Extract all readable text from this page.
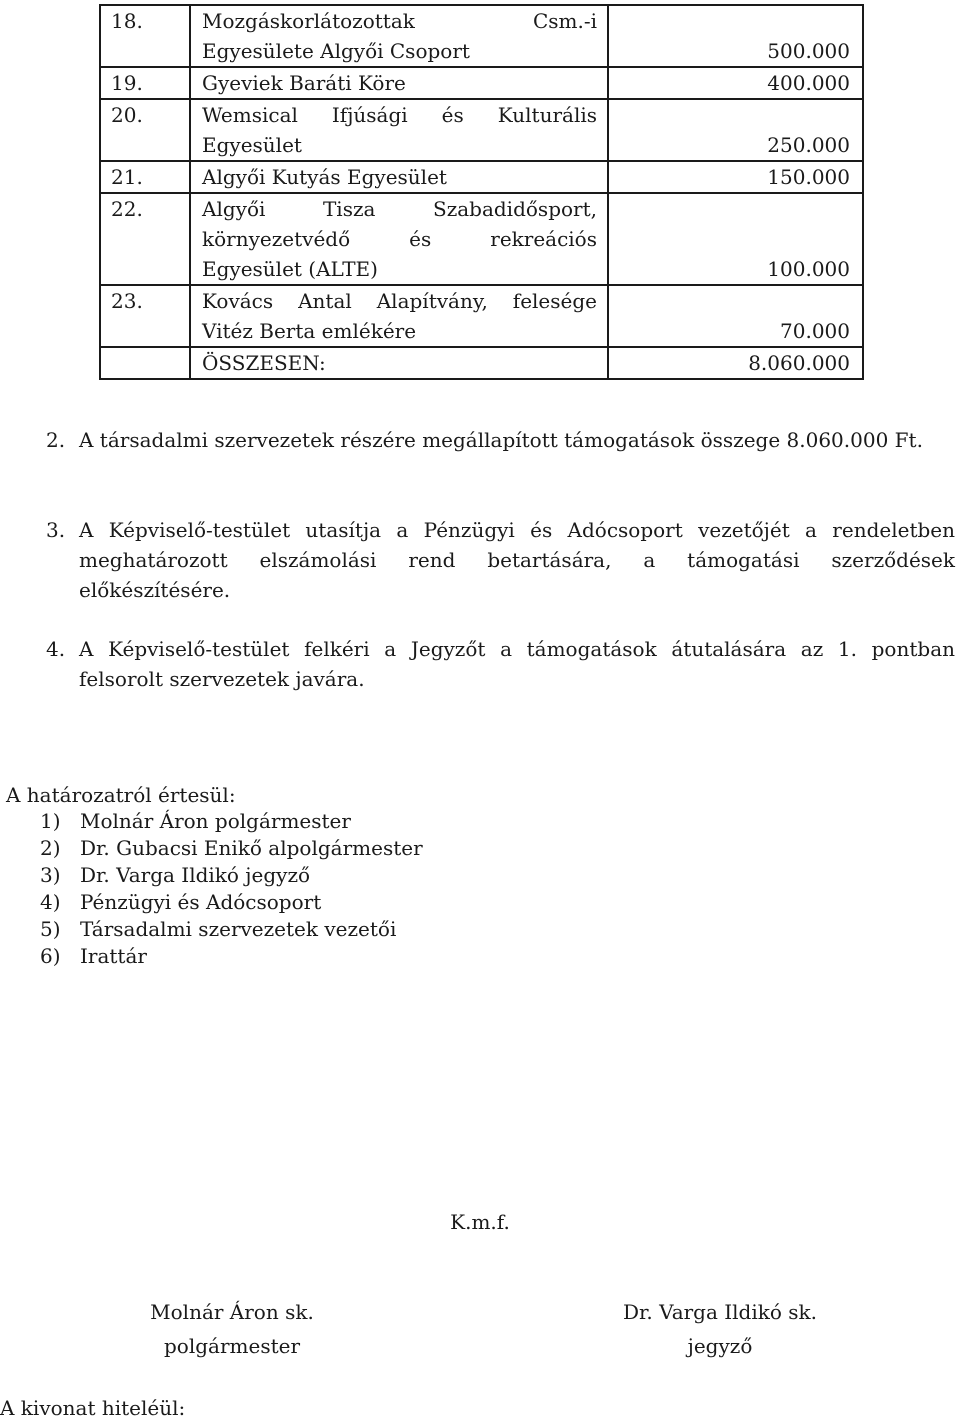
18.	Mozgáskorlátozottak Csm.-i Egyesülete Algyői Csoport	500.000
19.	Gyeviek Baráti Köre	400.000
20.	Wemsical Ifjúsági és Kulturális Egyesület	250.000
21.	Algyői Kutyás Egyesület	150.000
22.	Algyői Tisza Szabadidősport, környezetvédő és rekreációs Egyesület (ALTE)	100.000
23.	Kovács Antal Alapítvány, felesége Vitéz Berta emlékére	70.000
	ÖSSZESEN:	8.060.000
2. A társadalmi szervezetek részére megállapított támogatások összege 8.060.000 Ft.
3. A Képviselő-testület utasítja a Pénzügyi és Adócsoport vezetőjét a rendeletben meghatározott elszámolási rend betartására, a támogatási szerződések előkészítésére.
4. A Képviselő-testület felkéri a Jegyzőt a támogatások átutalására az 1. pontban felsorolt szervezetek javára.
A határozatról értesül:
1) Molnár Áron polgármester
2) Dr. Gubacsi Enikő alpolgármester
3) Dr. Varga Ildikó jegyző
4) Pénzügyi és Adócsoport
5) Társadalmi szervezetek vezetői
6) Irattár
K.m.f.
Molnár Áron sk.
polgármester
Dr. Varga Ildikó sk.
jegyző
A kivonat hiteléül:
